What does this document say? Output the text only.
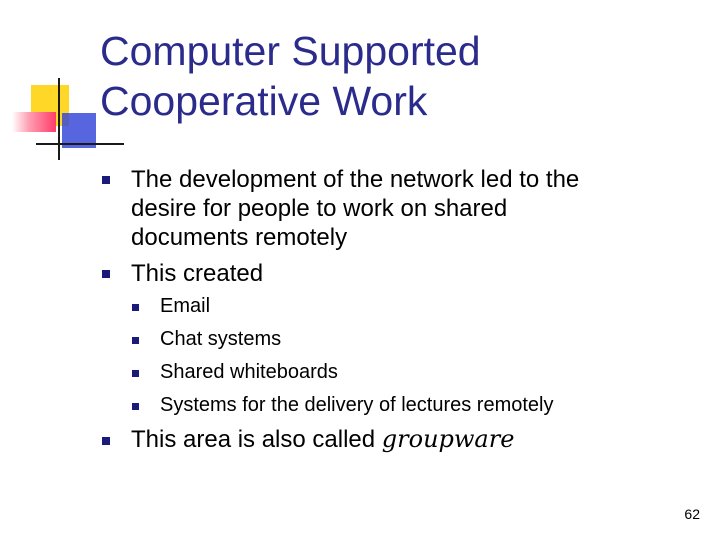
Computer Supported
Cooperative Work

The development of the network led to the
desire for people to work on shared
documents remotely

This created

Email

Chat systems

Shared whiteboards

Systems for the delivery of lectures remotely

This area is also called groupware

62
